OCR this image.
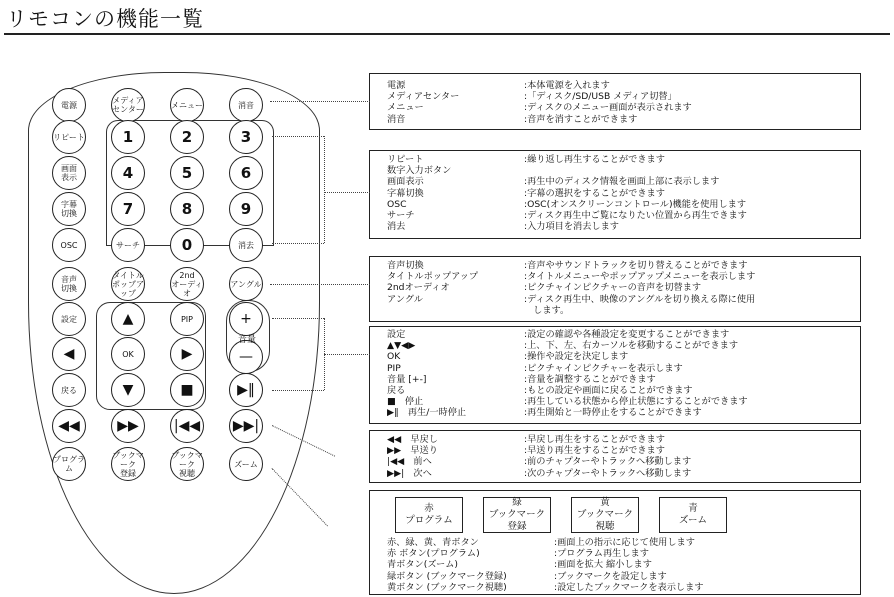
リモコンの機能一覧
電源	メディア
センター	メニュー	消音
リピート	1	2	3
画面
表示	4	5	6
字幕
切換	7	8	9
OSC	サーチ	0	消去
音声
切換
タイトル
ポップアップ
2nd
オーディオ
アングル
設定	PIP
OK
戻る
プログラム
ブックマーク
登録
ブックマーク
視聴
ズーム
▲
◀	▶
▼	■	▶‖
+
—
◀◀	▶▶	|◀◀ ▶▶|
音量
電源	:本体電源を入れます
メディアセンター	:「ディスク/SD/USB メディア切替」
メニュー	:ディスクのメニュー画面が表示されます
消音	:音声を消すことができます
リピート	:繰り返し再生することができます
数字入力ボタン
画面表示	:再生中のディスク情報を画面上部に表示します
字幕切換	:字幕の選択をすることができます
OSC	:OSC(オンスクリーンコントロール)機能を使用します
サーチ	:ディスク再生中ご覧になりたい位置から再生できます
消去	:入力項目を消去します
音声切換	:音声やサウンドトラックを切り替えることができます
タイトルポップアップ	:タイトルメニューやポップアップメニューを表示します
2ndオーディオ	:ピクチャインピクチャーの音声を切替ます
アングル	:ディスク再生中、映像のアングルを切り換える際に使用
　します。
設定	:設定の確認や各種設定を変更することができます
▲▼◀▶	:上、下、左、右カーソルを移動することができます
OK	:操作や設定を決定します
PIP	:ピクチャインピクチャーを表示します
音量 [+-]	:音量を調整することができます
戻る	:もとの設定や画面に戻ることができます
■　停止	:再生している状態から停止状態にすることができます
▶‖　再生/一時停止	:再生開始と一時停止をすることができます
◀◀　早戻し	:早戻し再生をすることができます
▶▶　早送り	:早送り再生をすることができます
|◀◀　前へ	:前のチャプターやトラックへ移動します
▶▶|　次へ	:次のチャプターやトラックへ移動します
赤、緑、黄、青ボタン	:画面上の指示に応じて使用します
赤 ボタン(プログラム)	:プログラム再生します
青ボタン(ズーム)	:画面を拡大 縮小します
緑ボタン (ブックマーク登録)	:ブックマークを設定します
黄ボタン (ブックマーク視聴)	:設定したブックマークを表示します
赤
プログラム
緑
ブックマーク
登録
黄
ブックマーク
視聴
青
ズーム
